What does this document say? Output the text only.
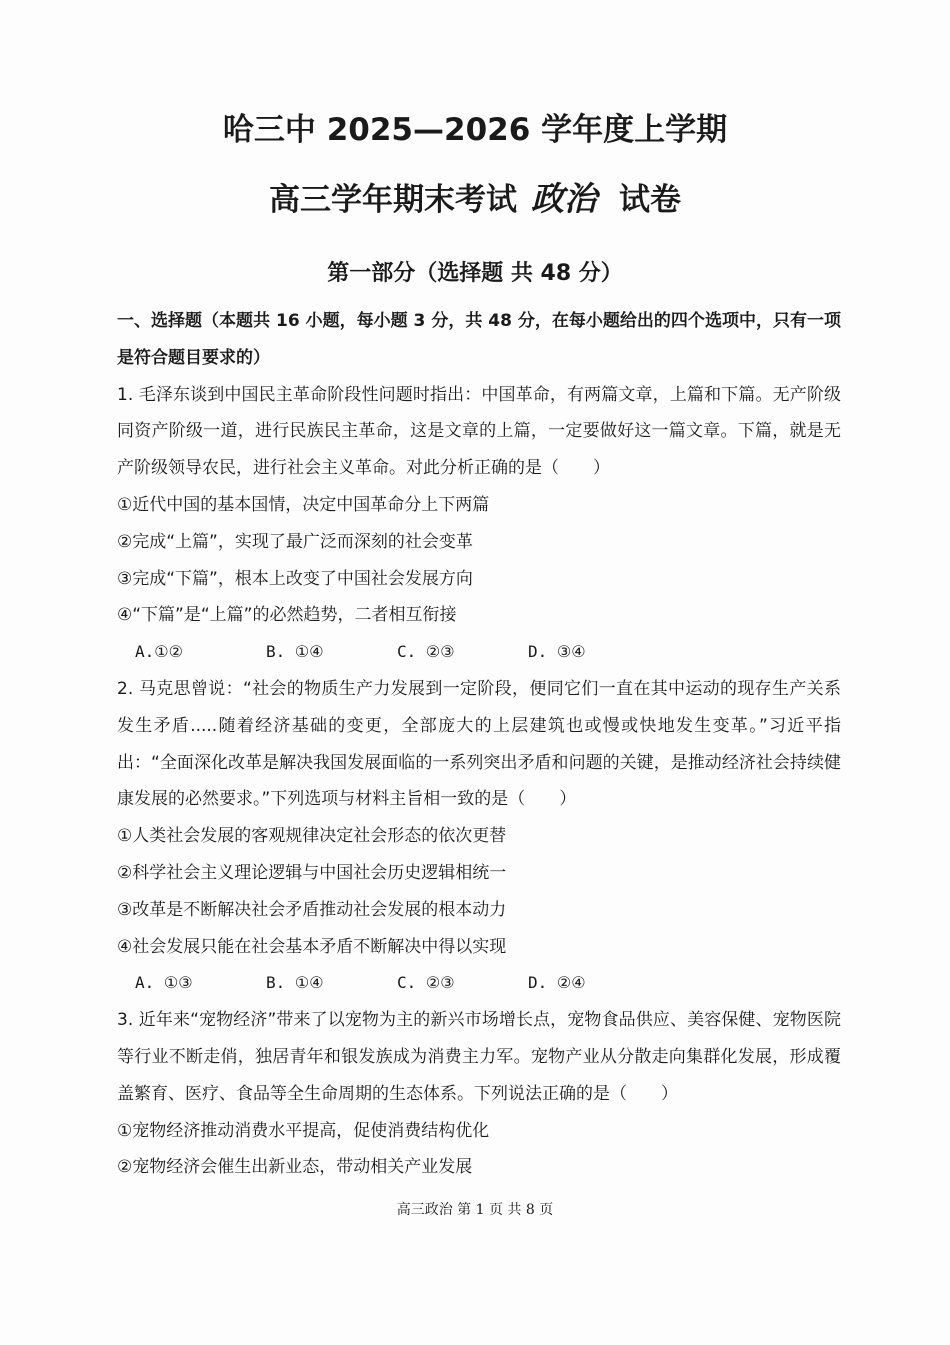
哈三中 2025—2026 学年度上学期
高三学年期末考试 政治 试卷
第一部分（选择题 共 48 分）

一、选择题（本题共 16 小题，每小题 3 分，共 48 分，在每小题给出的四个选项中，只有一项是符合题目要求的）

1. 毛泽东谈到中国民主革命阶段性问题时指出：中国革命，有两篇文章，上篇和下篇。无产阶级同资产阶级一道，进行民族民主革命，这是文章的上篇，一定要做好这一篇文章。下篇，就是无产阶级领导农民，进行社会主义革命。对此分析正确的是（　　）

①近代中国的基本国情，决定中国革命分上下两篇

②完成“上篇”，实现了最广泛而深刻的社会变革

③完成“下篇”，根本上改变了中国社会发展方向

④“下篇”是“上篇”的必然趋势，二者相互衔接

A.①②	B. ①④	C. ②③	D. ③④

2. 马克思曾说：“社会的物质生产力发展到一定阶段，便同它们一直在其中运动的现存生产关系发生矛盾.....随着经济基础的变更，全部庞大的上层建筑也或慢或快地发生变革。”习近平指出：“全面深化改革是解决我国发展面临的一系列突出矛盾和问题的关键，是推动经济社会持续健康发展的必然要求。”下列选项与材料主旨相一致的是（　　）

①人类社会发展的客观规律决定社会形态的依次更替

②科学社会主义理论逻辑与中国社会历史逻辑相统一

③改革是不断解决社会矛盾推动社会发展的根本动力

④社会发展只能在社会基本矛盾不断解决中得以实现

A. ①③	B. ①④	C. ②③	D. ②④

3. 近年来“宠物经济”带来了以宠物为主的新兴市场增长点，宠物食品供应、美容保健、宠物医院等行业不断走俏，独居青年和银发族成为消费主力军。宠物产业从分散走向集群化发展，形成覆盖繁育、医疗、食品等全生命周期的生态体系。下列说法正确的是（　　）

①宠物经济推动消费水平提高，促使消费结构优化

②宠物经济会催生出新业态，带动相关产业发展

高三政治 第 1 页 共 8 页
